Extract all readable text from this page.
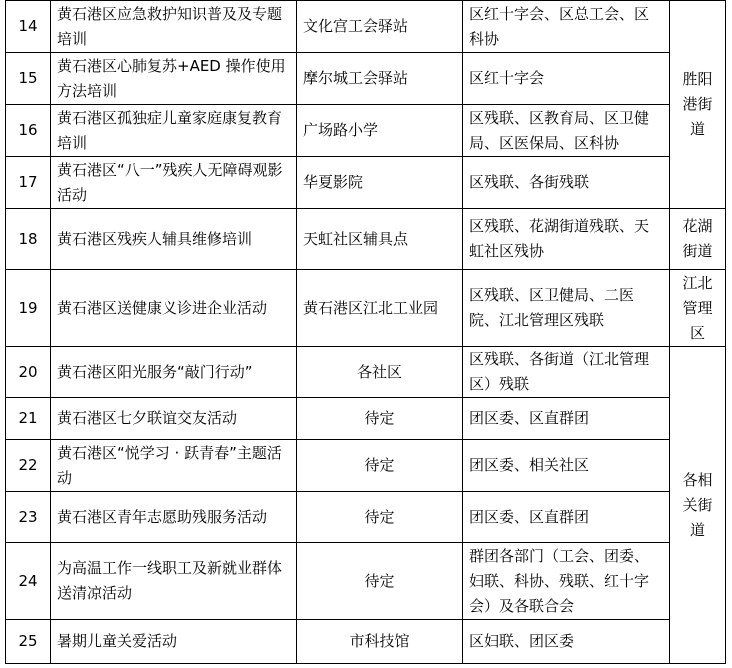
14	黄石港区应急救护知识普及及专题培训	文化宫工会驿站	区红十字会、区总工会、区科协	胜阳港街道
15	黄石港区心肺复苏+AED 操作使用方法培训	摩尔城工会驿站	区红十字会	
16	黄石港区孤独症儿童家庭康复教育培训	广场路小学	区残联、区教育局、区卫健局、区医保局、区科协	
17	黄石港区“八一”残疾人无障碍观影活动	华夏影院	区残联、各街残联	
18	黄石港区残疾人辅具维修培训	天虹社区辅具点	区残联、花湖街道残联、天虹社区残协	花湖街道
19	黄石港区送健康义诊进企业活动	黄石港区江北工业园	区残联、区卫健局、二医院、江北管理区残联	江北管理区
20	黄石港区阳光服务“敲门行动”	各社区	区残联、各街道（江北管理区）残联	各相关街道
21	黄石港区七夕联谊交友活动	待定	团区委、区直群团	
22	黄石港区“悦学习 · 跃青春”主题活动	待定	团区委、相关社区	
23	黄石港区青年志愿助残服务活动	待定	团区委、区直群团	
24	为高温工作一线职工及新就业群体送清凉活动	待定	群团各部门（工会、团委、妇联、科协、残联、红十字会）及各联合会	
25	暑期儿童关爱活动	市科技馆	区妇联、团区委	
